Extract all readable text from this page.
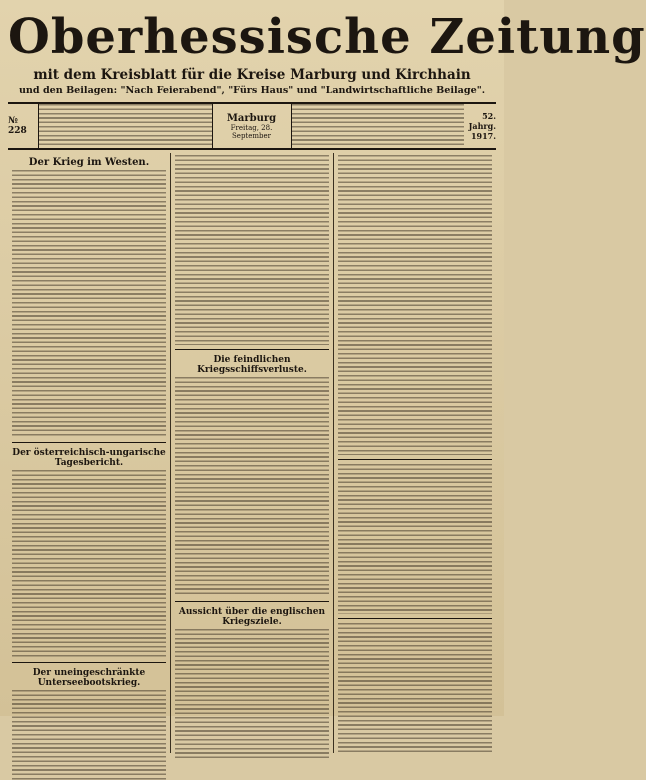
Oberhessische Zeitung
mit dem Kreisblatt für die Kreise Marburg und Kirchhain
und den Beilagen: "Nach Feierabend", "Fürs Haus" und "Landwirtschaftliche Beilage".
№ 228
Marburg
Freitag, 28. September
52. Jahrg.
1917.
Der Krieg im Westen.
Der österreichisch-ungarische Tagesbericht.
Der uneingeschränkte Unterseebootskrieg.
Die feindlichen Kriegsschiffsverluste.
Aussicht über die englischen Kriegsziele.
